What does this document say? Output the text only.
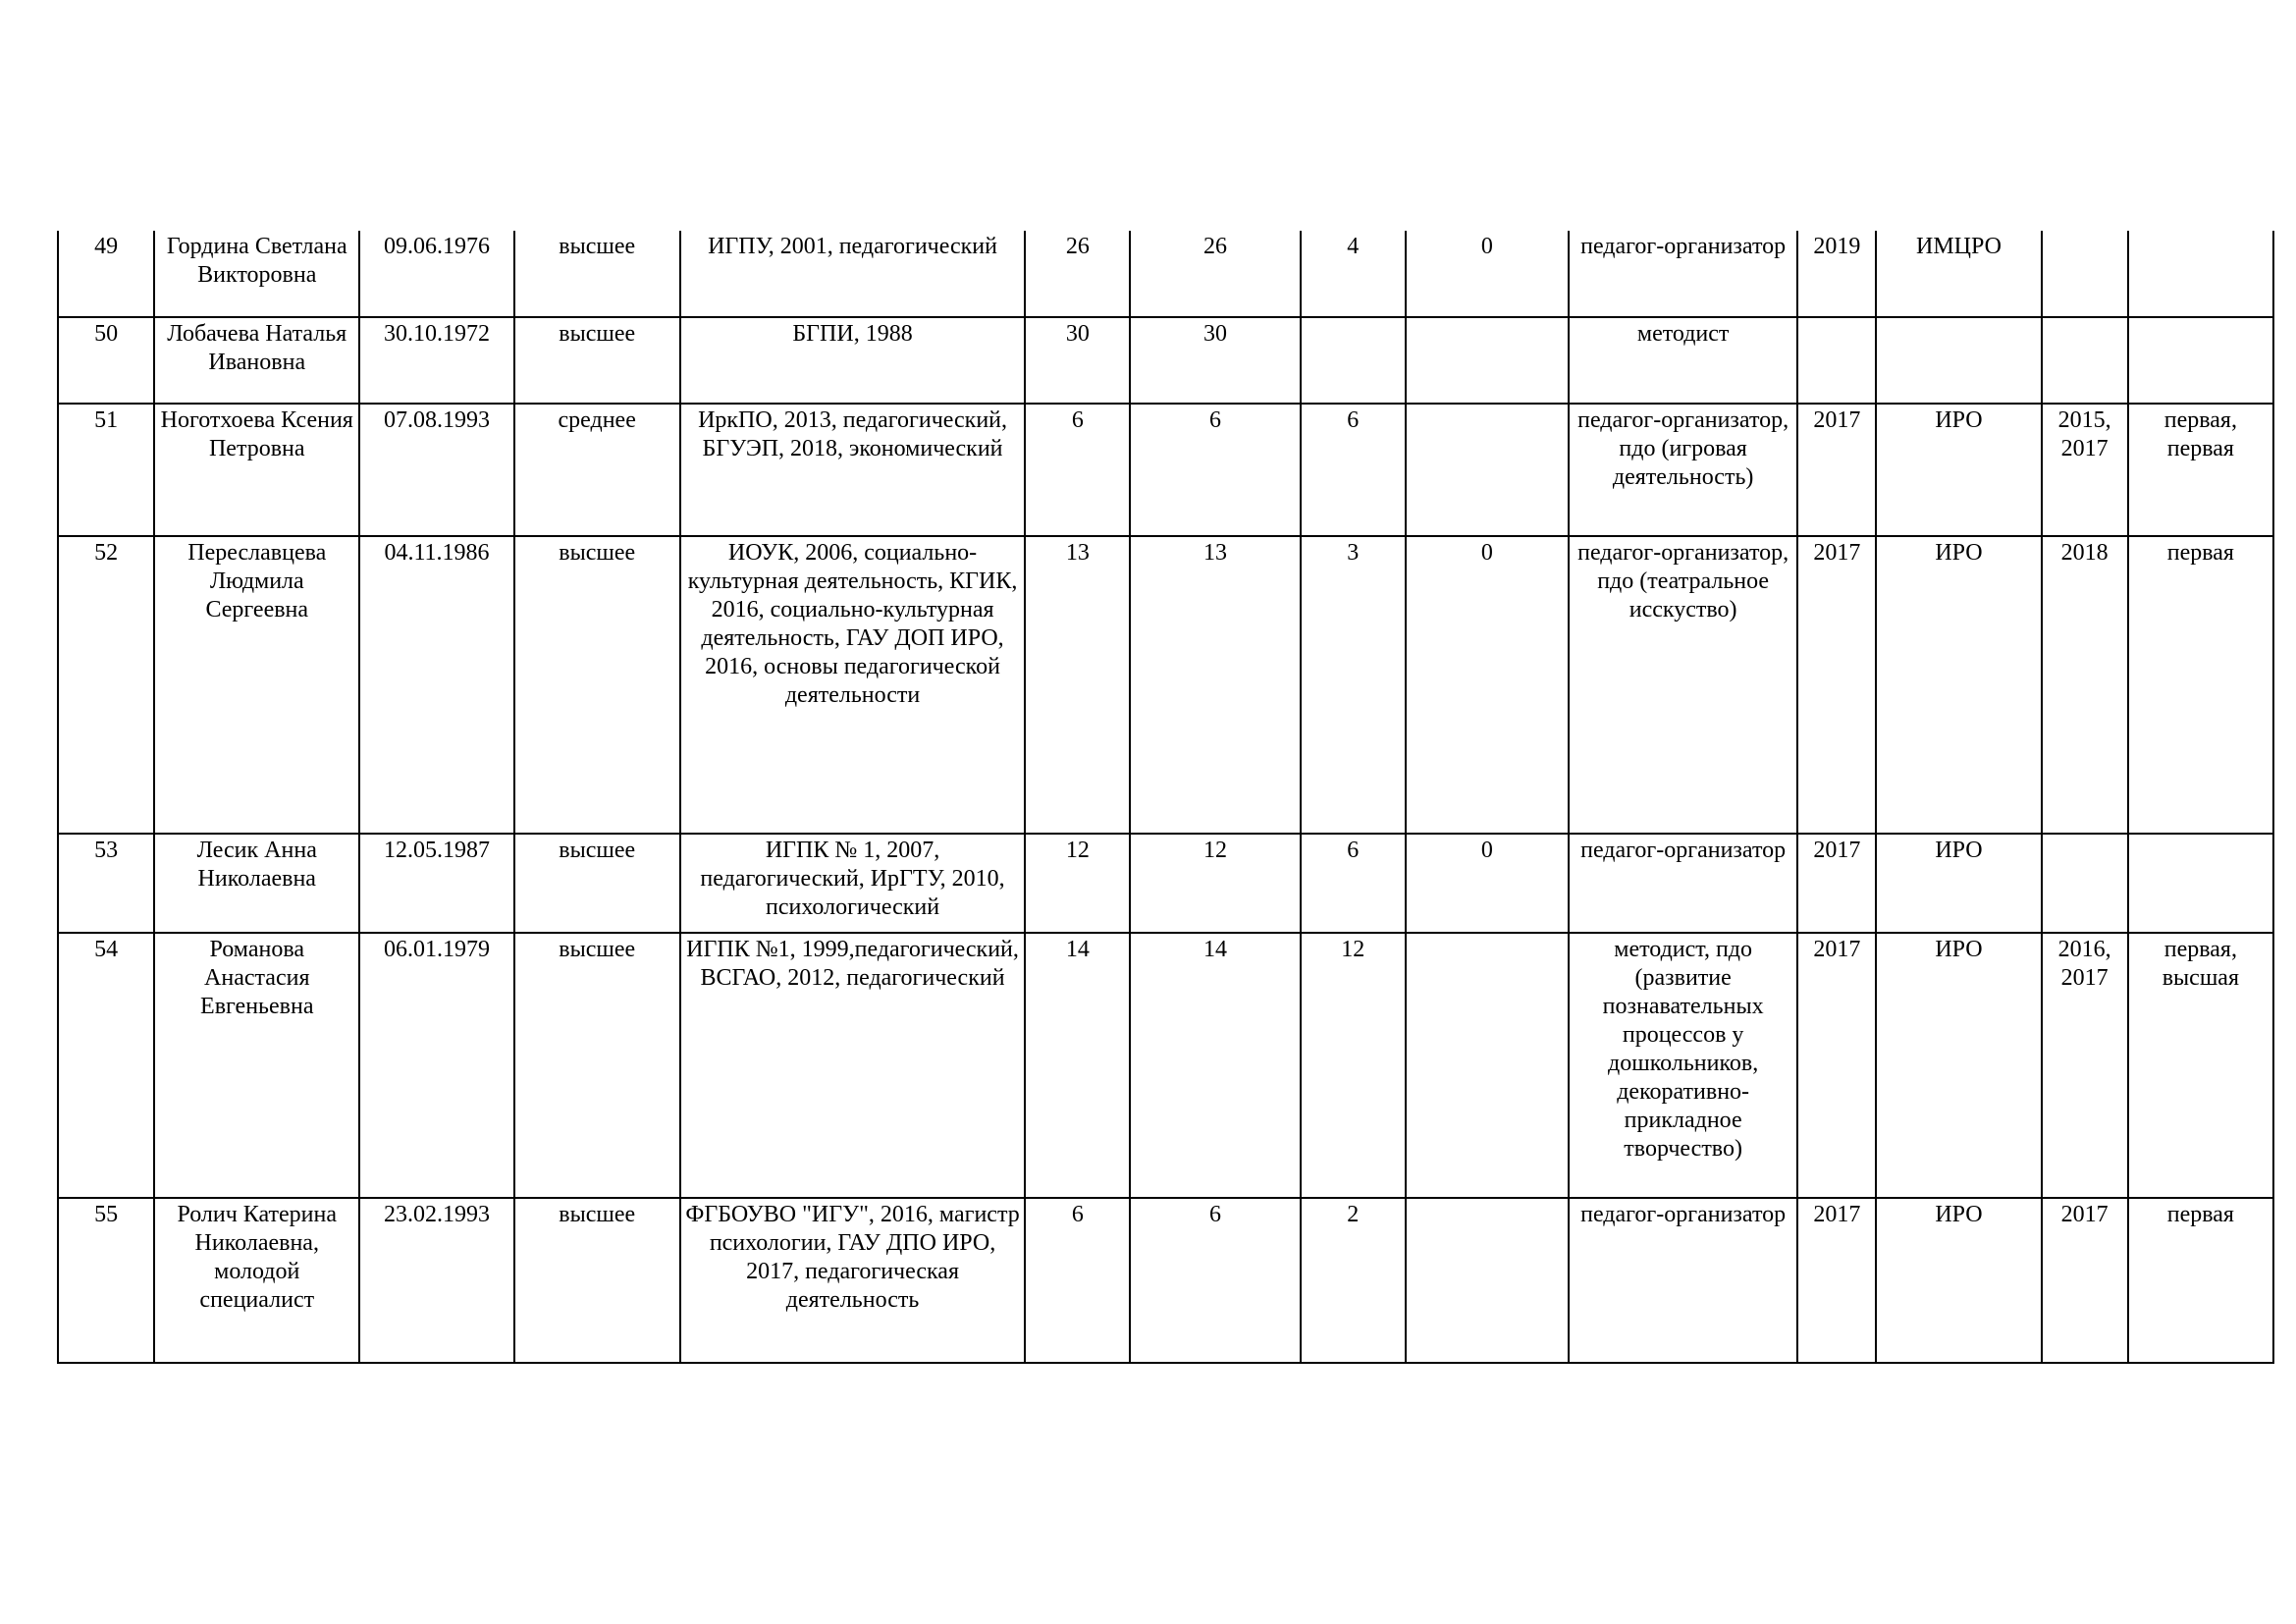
49	Гордина Светлана Викторовна	09.06.1976	высшее	ИГПУ, 2001, педагогический	26	26	4	0	педагог-организатор	2019	ИМЦРО		
50	Лобачева Наталья Ивановна	30.10.1972	высшее	БГПИ, 1988	30	30			методист				
51	Ноготхоева Ксения Петровна	07.08.1993	среднее	ИркПО, 2013, педагогический, БГУЭП, 2018, экономический	6	6	6		педагог-организатор, пдо (игровая деятельность)	2017	ИРО	2015, 2017	первая, первая
52	Переславцева Людмила Сергеевна	04.11.1986	высшее	ИОУК, 2006, социально-культурная деятельность, КГИК, 2016, социально-культурная деятельность, ГАУ ДОП ИРО, 2016, основы педагогической деятельности	13	13	3	0	педагог-организатор, пдо (театральное исскуство)	2017	ИРО	2018	первая
53	Лесик Анна Николаевна	12.05.1987	высшее	ИГПК № 1, 2007, педагогический, ИрГТУ, 2010, психологический	12	12	6	0	педагог-организатор	2017	ИРО		
54	Романова Анастасия Евгеньевна	06.01.1979	высшее	ИГПК №1, 1999,педагогический, ВСГАО, 2012, педагогический	14	14	12		методист, пдо (развитие познавательных процессов у дошкольников, декоративно-прикладное творчество)	2017	ИРО	2016, 2017	первая, высшая
55	Ролич Катерина Николаевна, молодой специалист	23.02.1993	высшее	ФГБОУВО "ИГУ", 2016, магистр психологии, ГАУ ДПО ИРО, 2017, педагогическая деятельность	6	6	2		педагог-организатор	2017	ИРО	2017	первая
